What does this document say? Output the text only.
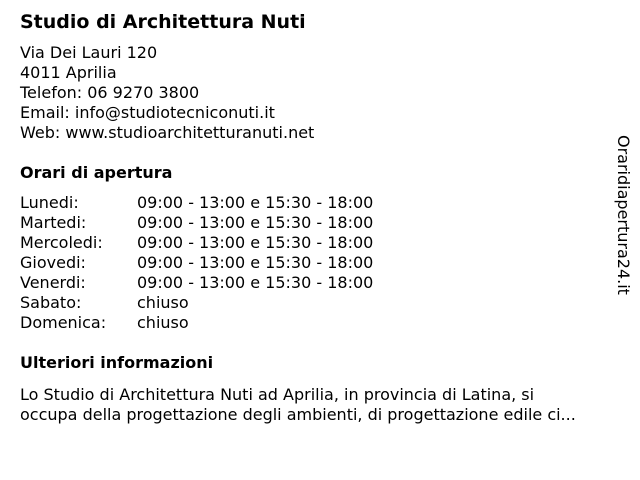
Studio di Architettura Nuti
Via Dei Lauri 120
4011 Aprilia
Telefon: 06 9270 3800
Email: info@studiotecniconuti.it
Web: www.studioarchitetturanuti.net
Orari di apertura
Lunedi:	09:00 - 13:00 e 15:30 - 18:00
Martedi:	09:00 - 13:00 e 15:30 - 18:00
Mercoledi:	09:00 - 13:00 e 15:30 - 18:00
Giovedi:	09:00 - 13:00 e 15:30 - 18:00
Venerdi:	09:00 - 13:00 e 15:30 - 18:00
Sabato:	chiuso
Domenica:	chiuso
Ulteriori informazioni
Lo Studio di Architettura Nuti ad Aprilia, in provincia di Latina, si
occupa della progettazione degli ambienti, di progettazione edile ci...
Oraridiapertura24.it
